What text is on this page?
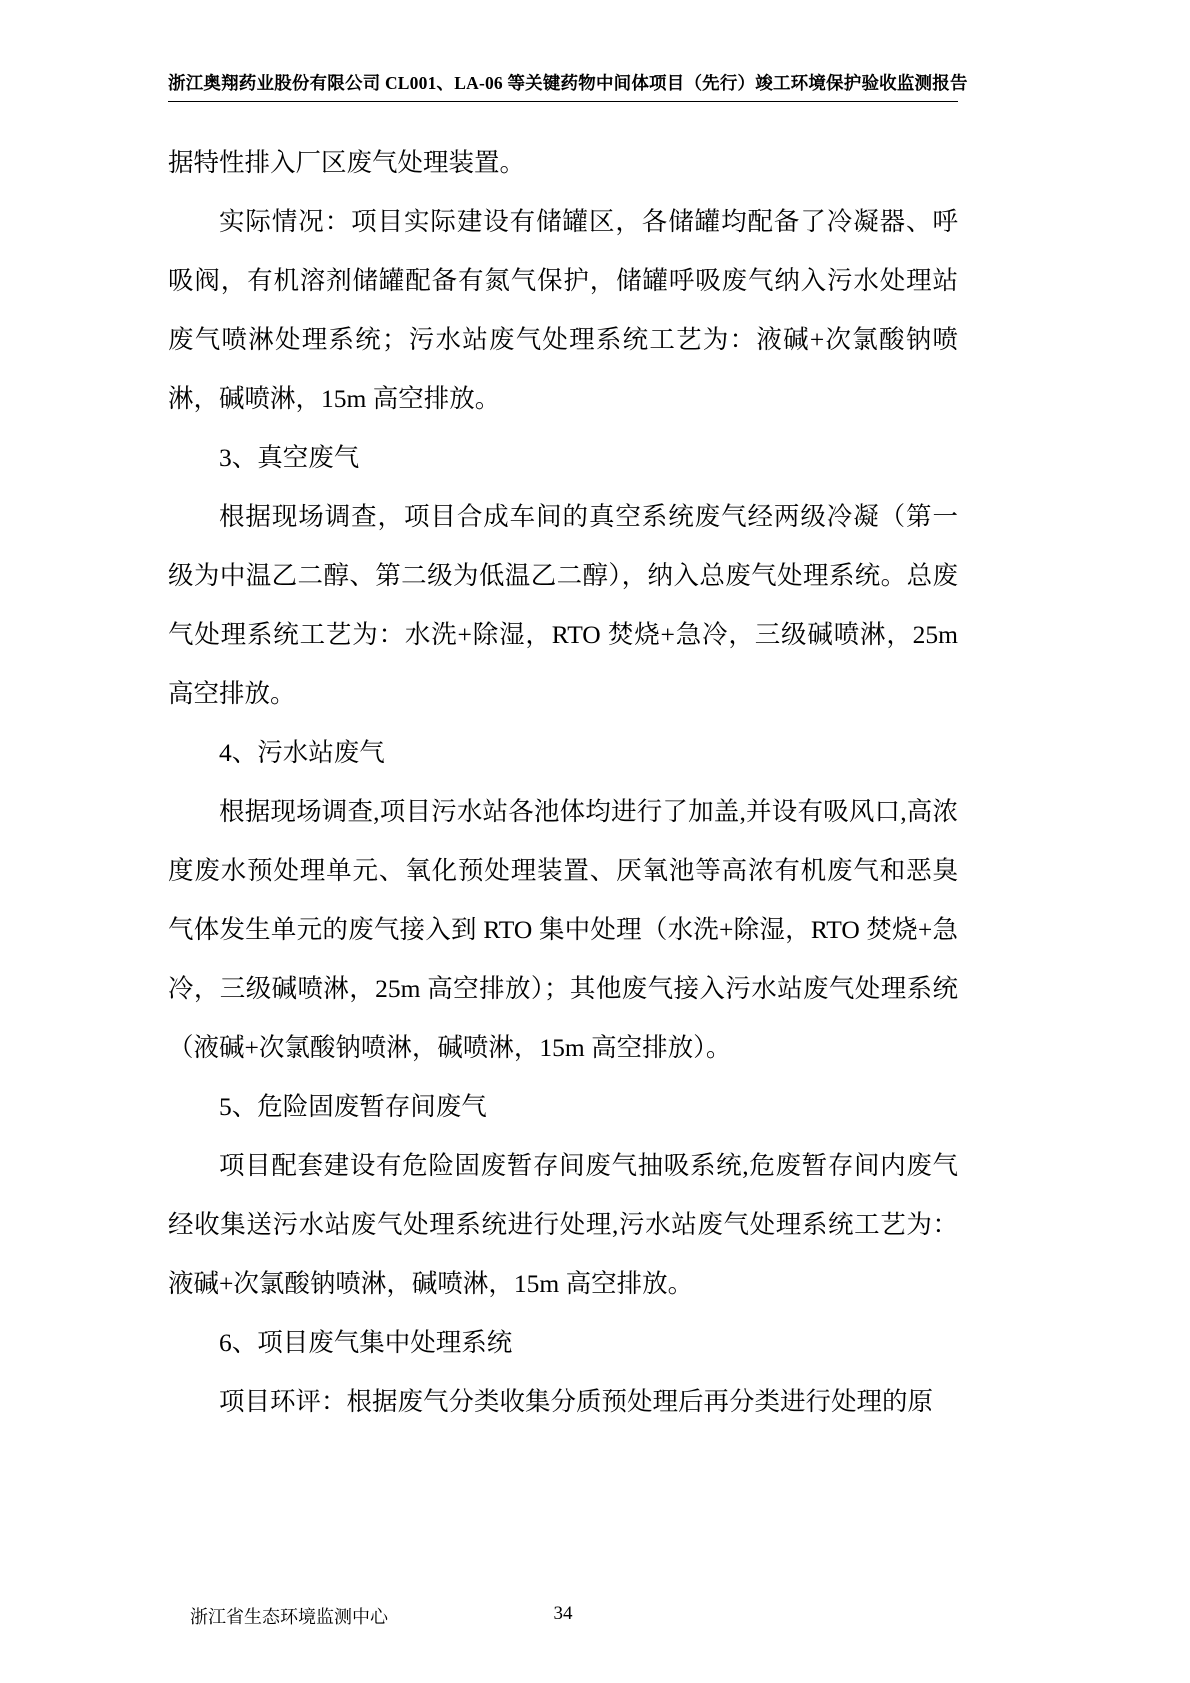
浙江奥翔药业股份有限公司 CL001、LA-06 等关键药物中间体项目（先行）竣工环境保护验收监测报告

据特性排入厂区废气处理装置。

实际情况：项目实际建设有储罐区，各储罐均配备了冷凝器、呼吸阀，有机溶剂储罐配备有氮气保护，储罐呼吸废气纳入污水处理站废气喷淋处理系统；污水站废气处理系统工艺为：液碱+次氯酸钠喷淋，碱喷淋，15m 高空排放。

3、真空废气

根据现场调查，项目合成车间的真空系统废气经两级冷凝（第一级为中温乙二醇、第二级为低温乙二醇），纳入总废气处理系统。总废气处理系统工艺为：水洗+除湿，RTO 焚烧+急冷，三级碱喷淋，25m 高空排放。

4、污水站废气

根据现场调查,项目污水站各池体均进行了加盖,并设有吸风口,高浓度废水预处理单元、氧化预处理装置、厌氧池等高浓有机废气和恶臭气体发生单元的废气接入到 RTO 集中处理（水洗+除湿，RTO 焚烧+急冷，三级碱喷淋，25m 高空排放）；其他废气接入污水站废气处理系统（液碱+次氯酸钠喷淋，碱喷淋，15m 高空排放）。

5、危险固废暂存间废气

项目配套建设有危险固废暂存间废气抽吸系统,危废暂存间内废气经收集送污水站废气处理系统进行处理,污水站废气处理系统工艺为：液碱+次氯酸钠喷淋，碱喷淋，15m 高空排放。

6、项目废气集中处理系统

项目环评：根据废气分类收集分质预处理后再分类进行处理的原

浙江省生态环境监测中心	34
